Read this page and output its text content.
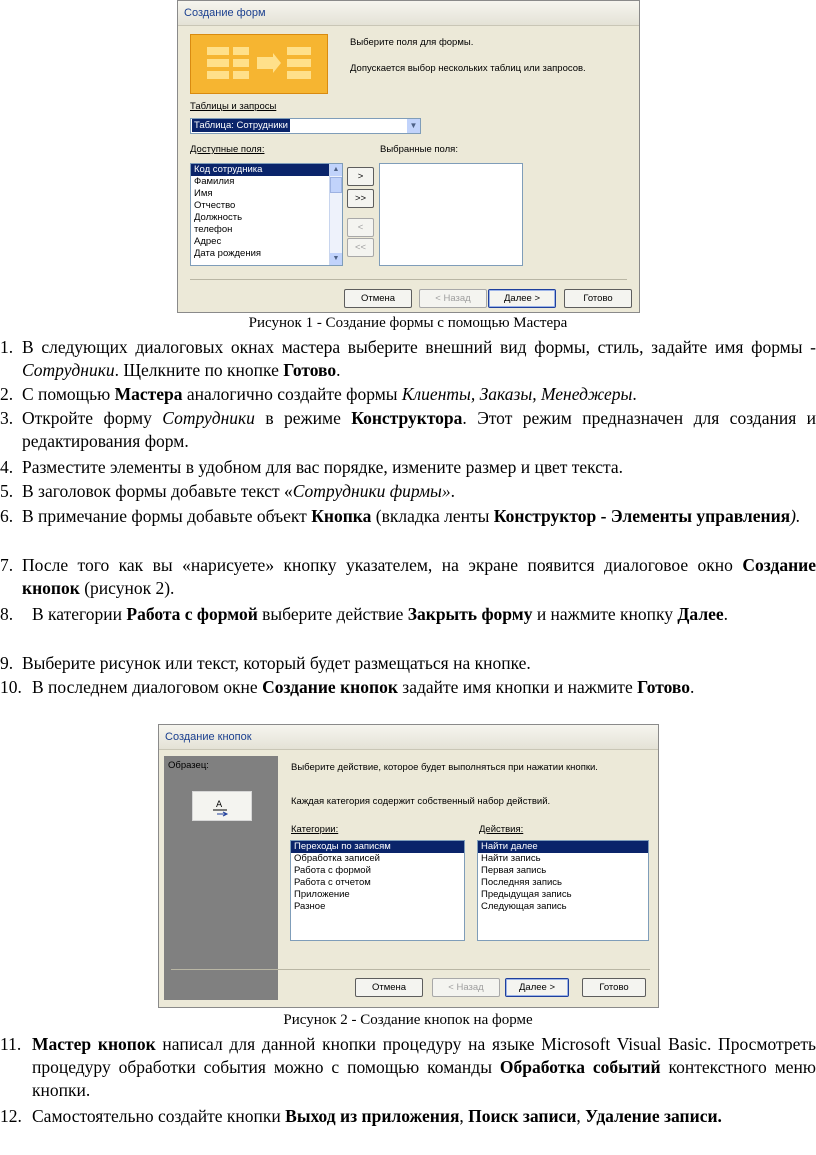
Создание форм
Выберите поля для формы.
Допускается выбор нескольких таблиц или запросов.
Таблицы и запросы
Таблица: Сотрудники	▼
Доступные поля:	Выбранные поля:
Код сотрудника
Фамилия
Имя
Отчество
Должность
телефон
Адрес
Дата рождения
▲
▼
>
>>
<
<<
Отмена	< Назад	Далее >	Готово
Рисунок 1 - Создание формы с помощью Мастера
1. В следующих диалоговых окнах мастера выберите внешний вид формы, стиль, задайте имя формы - Сотрудники. Щелкните по кнопке Готово.
2. С помощью Мастера аналогично создайте формы Клиенты, Заказы, Менеджеры.
3. Откройте форму Сотрудники в режиме Конструктора. Этот режим предназначен для создания и редактирования форм.
4. Разместите элементы в удобном для вас порядке, измените размер и цвет текста.
5. В заголовок формы добавьте текст «Сотрудники фирмы».
6. В примечание формы добавьте объект Кнопка (вкладка ленты Конструктор - Элементы управления).
7. После того как вы «нарисуете» кнопку указателем, на экране появится диалоговое окно Создание кнопок (рисунок 2).
8.	В категории Работа с формой выберите действие Закрыть форму и нажмите кнопку Далее.
9. Выберите рисунок или текст, который будет размещаться на кнопке.
10. В последнем диалоговом окне Создание кнопок задайте имя кнопки и нажмите Готово.
Создание кнопок
Образец:
A
Выберите действие, которое будет выполняться при нажатии кнопки.
Каждая категория содержит собственный набор действий.
Категории:	Действия:
Переходы по записям
Обработка записей
Работа с формой
Работа с отчетом
Приложение
Разное
Найти далее
Найти запись
Первая запись
Последняя запись
Предыдущая запись
Следующая запись
Отмена	< Назад	Далее >	Готово
Рисунок 2 - Создание кнопок на форме
11. Мастер кнопок написал для данной кнопки процедуру на языке Microsoft Visual Basic. Просмотреть процедуру обработки события можно с помощью команды Обработка событий контекстного меню кнопки.
12. Самостоятельно создайте кнопки Выход из приложения, Поиск записи, Удаление записи.
